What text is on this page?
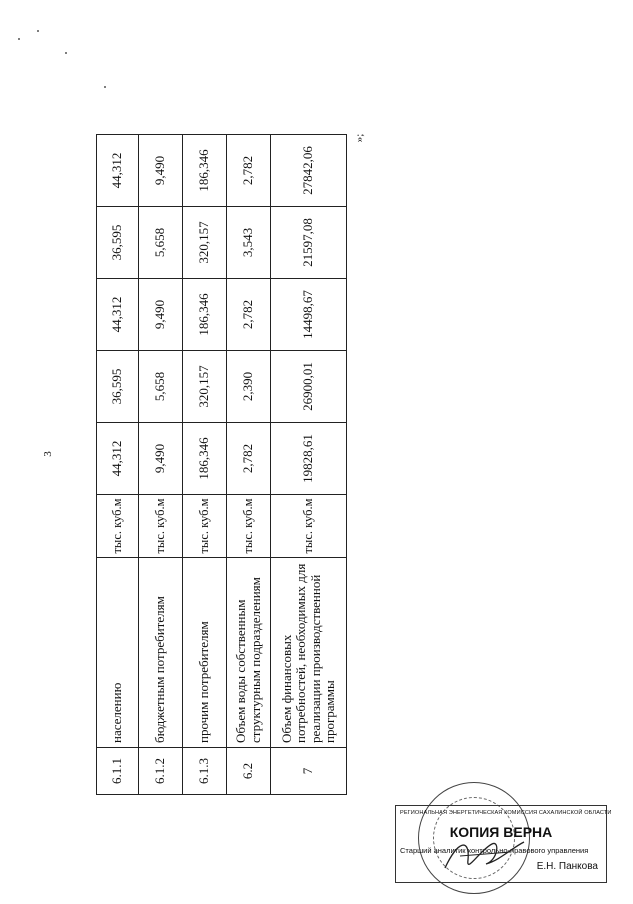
3
6.1.1	населению	тыс. куб.м	44,312	36,595	44,312	36,595	44,312
6.1.2	бюджетным потребителям	тыс. куб.м	9,490	5,658	9,490	5,658	9,490
6.1.3	прочим потребителям	тыс. куб.м	186,346	320,157	186,346	320,157	186,346
6.2	Объем воды собственным структурным подразделениям	тыс. куб.м	2,782	2,390	2,782	3,543	2,782
7	Объем финансовых потребностей, необходимых для реализации производственной программы	тыс. куб.м	19828,61	26900,01	14498,67	21597,08	27842,06
»;
РЕГИОНАЛЬНАЯ ЭНЕРГЕТИЧЕСКАЯ КОМИССИЯ САХАЛИНСКОЙ ОБЛАСТИ
КОПИЯ ВЕРНА
Старший аналитик контрольно-правового управления
Е.Н. Панкова
